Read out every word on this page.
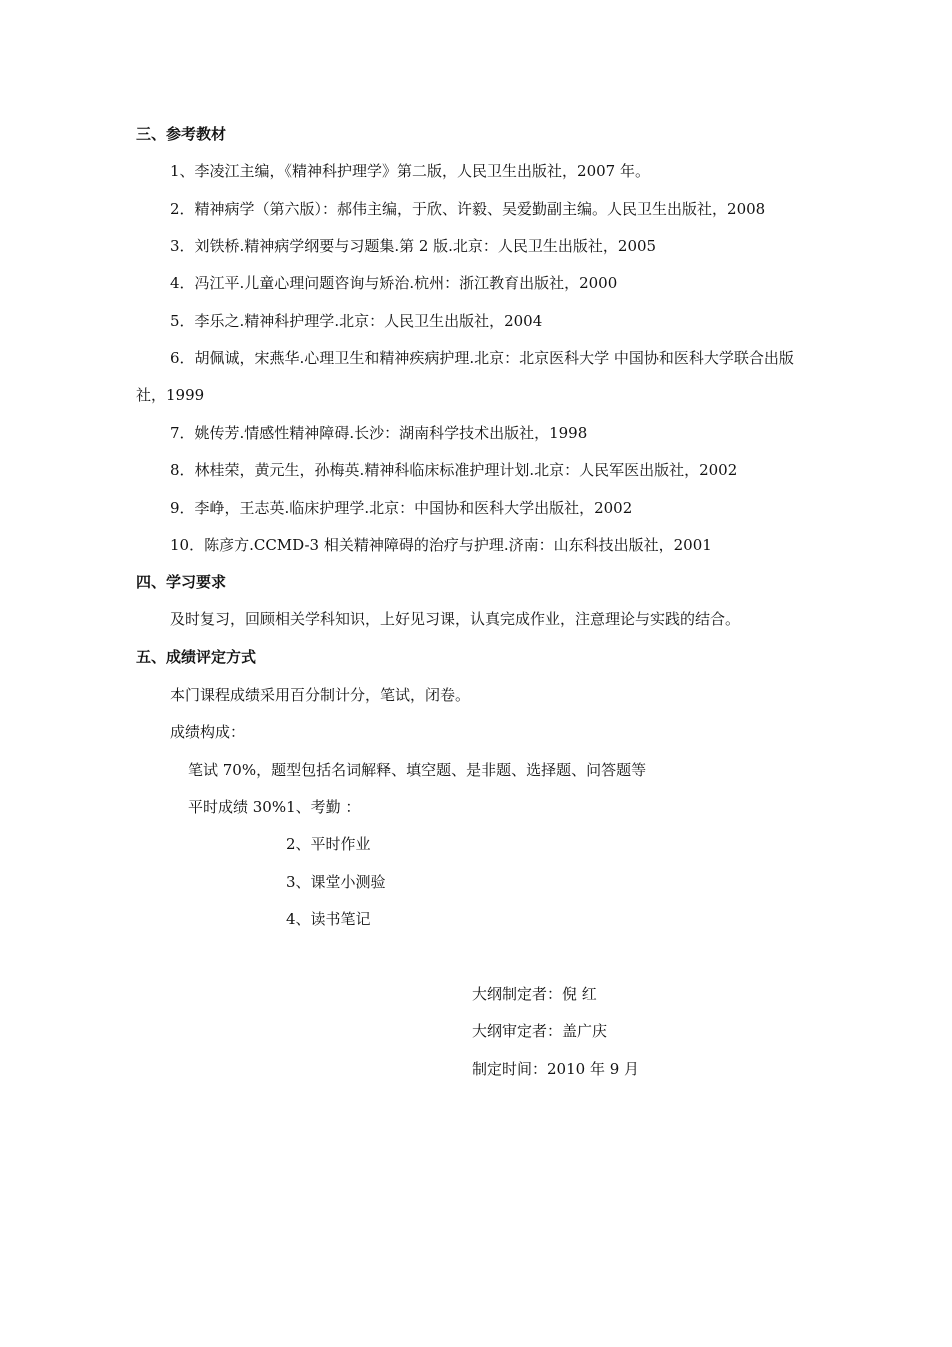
三、参考教材
1、李凌江主编，《精神科护理学》第二版，人民卫生出版社，2007 年。
2．精神病学（第六版）：郝伟主编，于欣、许毅、吴爱勤副主编。人民卫生出版社，2008
3．刘铁桥.精神病学纲要与习题集.第 2 版.北京：人民卫生出版社，2005
4．冯江平.儿童心理问题咨询与矫治.杭州：浙江教育出版社，2000
5．李乐之.精神科护理学.北京：人民卫生出版社，2004
6．胡佩诚，宋燕华.心理卫生和精神疾病护理.北京：北京医科大学 中国协和医科大学联合出版
社，1999
7．姚传芳.情感性精神障碍.长沙：湖南科学技术出版社，1998
8．林桂荣，黄元生，孙梅英.精神科临床标准护理计划.北京：人民军医出版社，2002
9．李峥，王志英.临床护理学.北京：中国协和医科大学出版社，2002
10．陈彦方.CCMD-3 相关精神障碍的治疗与护理.济南：山东科技出版社，2001
四、学习要求
及时复习，回顾相关学科知识，上好见习课，认真完成作业，注意理论与实践的结合。
五、成绩评定方式
本门课程成绩采用百分制计分，笔试，闭卷。
成绩构成：
笔试 70%，题型包括名词解释、填空题、是非题、选择题、问答题等
平时成绩 30%1、考勤 ：
2、平时作业
3、课堂小测验
4、读书笔记
大纲制定者：倪 红
大纲审定者：盖广庆
制定时间：2010 年 9 月
